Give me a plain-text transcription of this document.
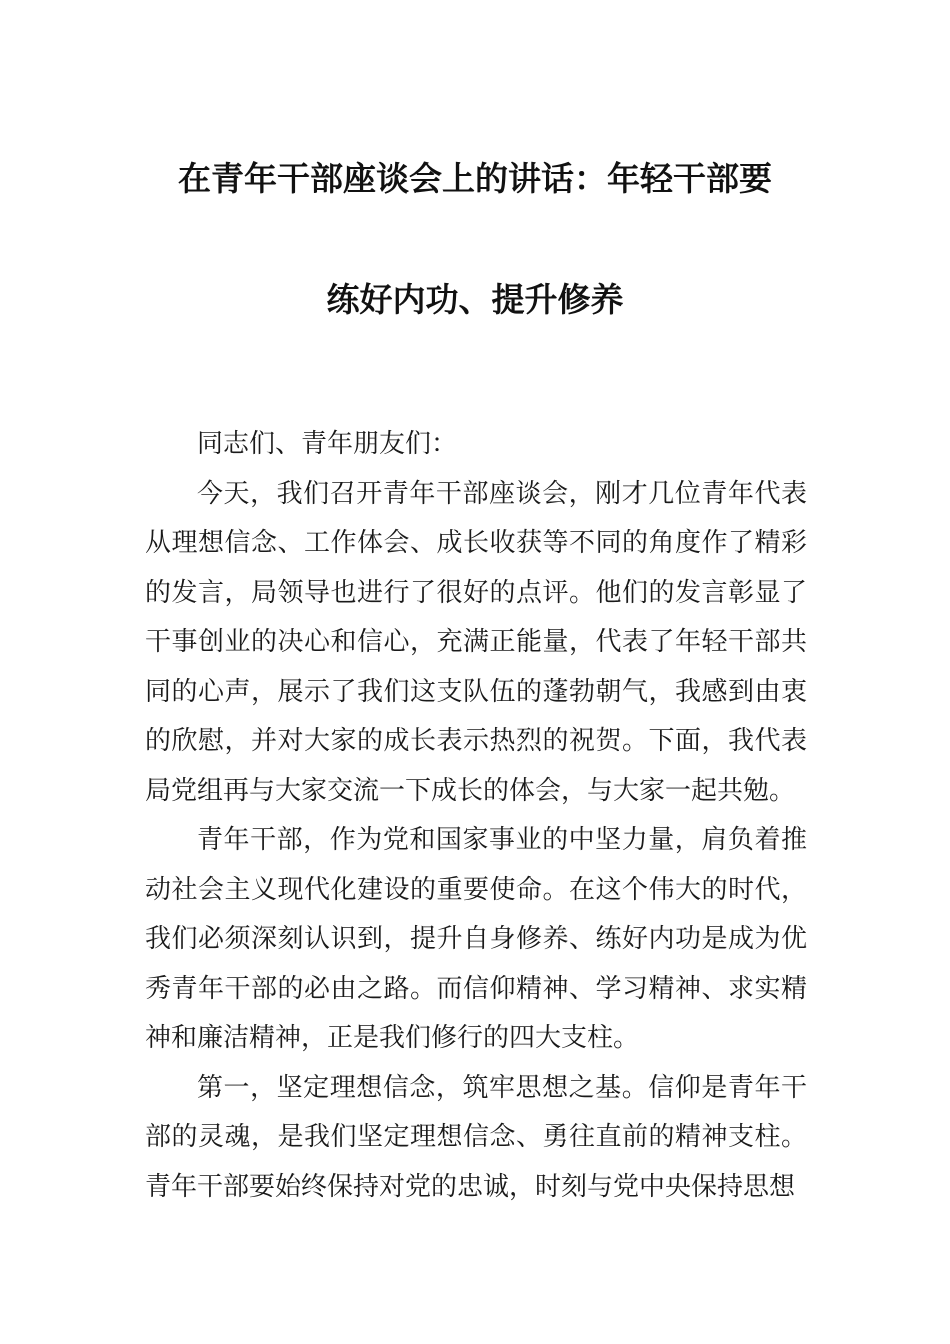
在青年干部座谈会上的讲话：年轻干部要
练好内功、提升修养

同志们、青年朋友们：

今天，我们召开青年干部座谈会，刚才几位青年代表从理想信念、工作体会、成长收获等不同的角度作了精彩的发言，局领导也进行了很好的点评。他们的发言彰显了干事创业的决心和信心，充满正能量，代表了年轻干部共同的心声，展示了我们这支队伍的蓬勃朝气，我感到由衷的欣慰，并对大家的成长表示热烈的祝贺。下面，我代表局党组再与大家交流一下成长的体会，与大家一起共勉。

青年干部，作为党和国家事业的中坚力量，肩负着推动社会主义现代化建设的重要使命。在这个伟大的时代，我们必须深刻认识到，提升自身修养、练好内功是成为优秀青年干部的必由之路。而信仰精神、学习精神、求实精神和廉洁精神，正是我们修行的四大支柱。

第一，坚定理想信念，筑牢思想之基。信仰是青年干部的灵魂，是我们坚定理想信念、勇往直前的精神支柱。青年干部要始终保持对党的忠诚，时刻与党中央保持思想
